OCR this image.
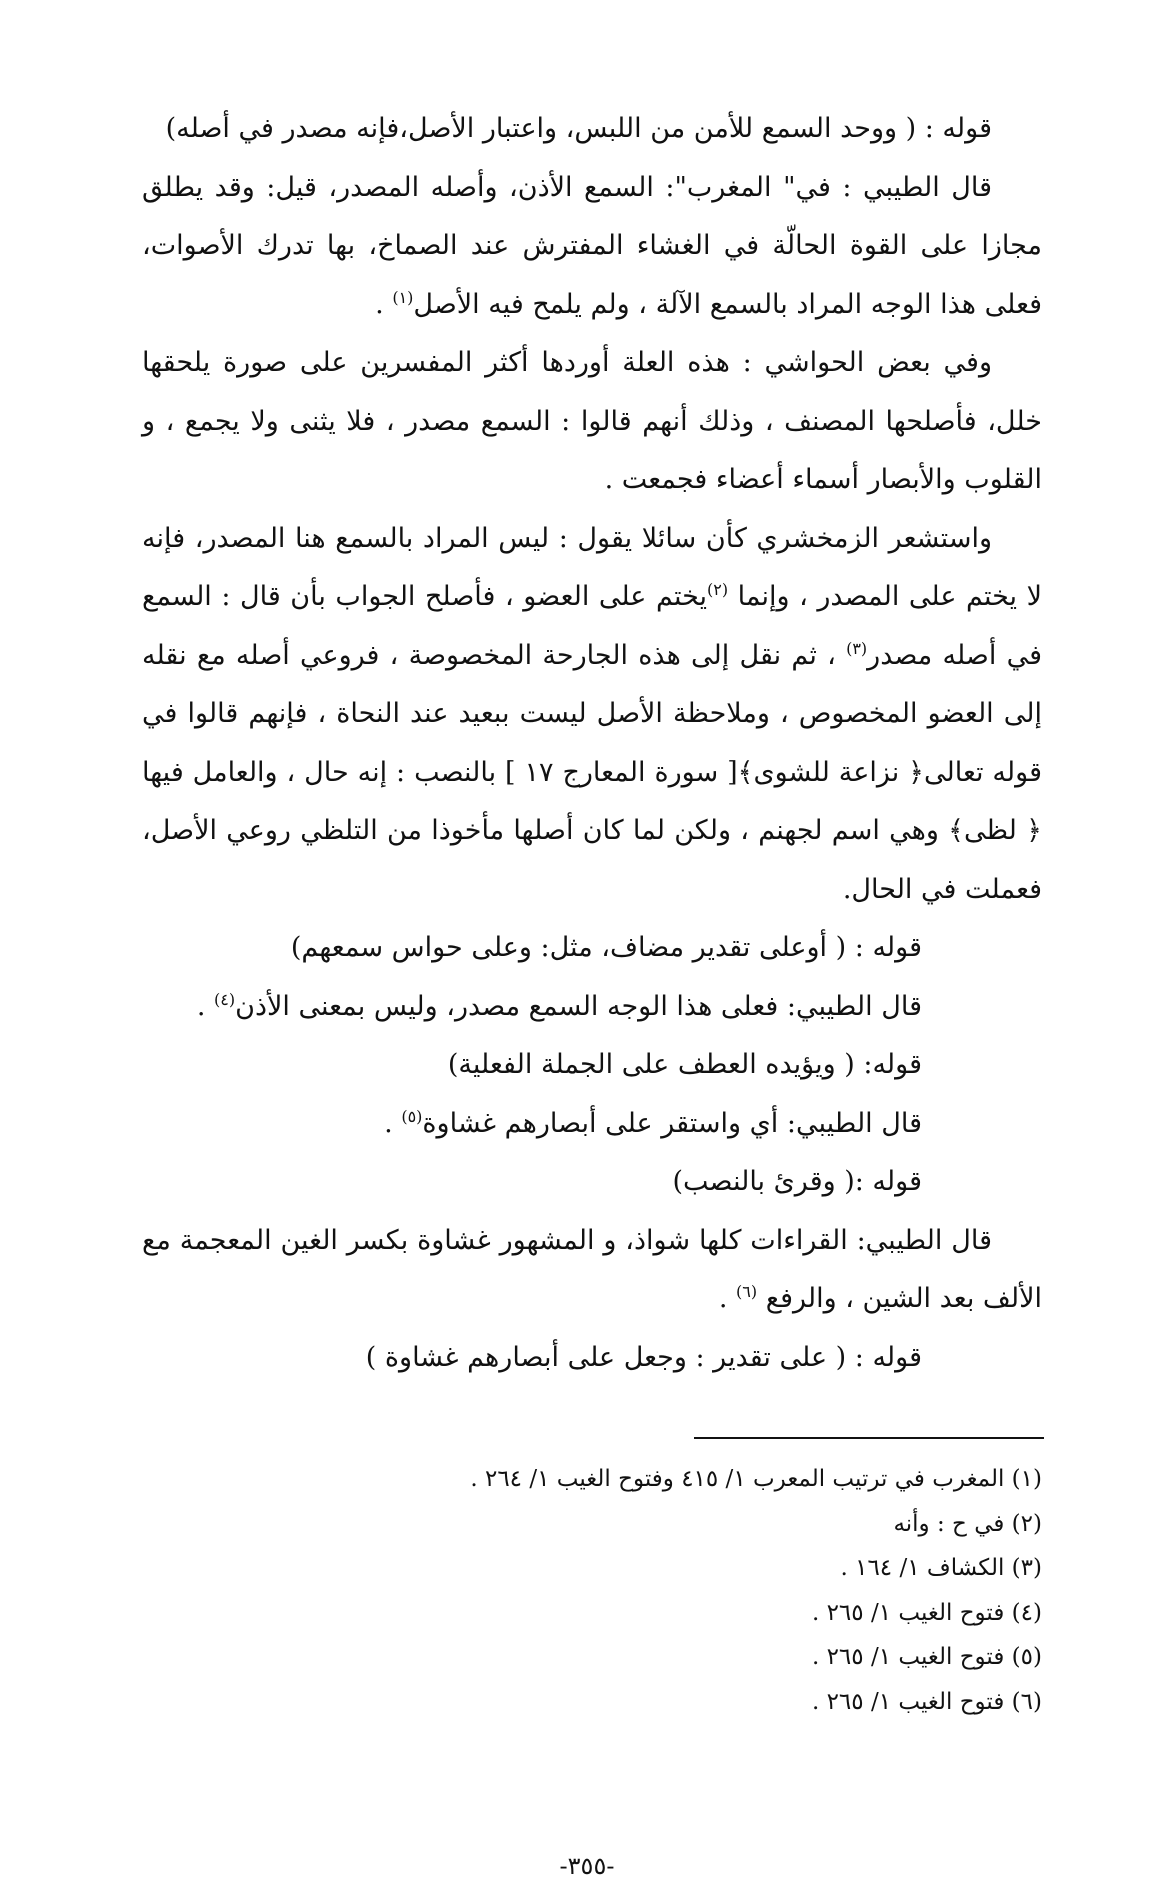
قوله : ( ووحد السمع للأمن من اللبس، واعتبار الأصل،فإنه مصدر في أصله)

قال الطيبي : في" المغرب": السمع الأذن، وأصله المصدر، قيل: وقد يطلق مجازا على القوة الحالّة في الغشاء المفترش عند الصماخ، بها تدرك الأصوات، فعلى هذا الوجه المراد بالسمع الآلة ، ولم يلمح فيه الأصل$^{(١)}$ .

وفي بعض الحواشي : هذه العلة أوردها أكثر المفسرين على صورة يلحقها خلل، فأصلحها المصنف ، وذلك أنهم قالوا : السمع مصدر ، فلا يثنى ولا يجمع ، و القلوب والأبصار أسماء أعضاء فجمعت .

واستشعر الزمخشري كأن سائلا يقول : ليس المراد بالسمع هنا المصدر، فإنه لا يختم على المصدر ، وإنما $^{(٢)}$يختم على العضو ، فأصلح الجواب بأن قال : السمع في أصله مصدر$^{(٣)}$ ، ثم نقل إلى هذه الجارحة المخصوصة ، فروعي أصله مع نقله إلى العضو المخصوص ، وملاحظة الأصل ليست ببعيد عند النحاة ، فإنهم قالوا في قوله تعالى﴿ نزاعة للشوى﴾[ سورة المعارج ١٧ ] بالنصب : إنه حال ، والعامل فيها ﴿ لظى﴾ وهي اسم لجهنم ، ولكن لما كان أصلها مأخوذا من التلظي روعي الأصل، فعملت في الحال.

قوله : ( أوعلى تقدير مضاف، مثل: وعلى حواس سمعهم)

قال الطيبي: فعلى هذا الوجه السمع مصدر، وليس بمعنى الأذن$^{(٤)}$ .

قوله: ( ويؤيده العطف على الجملة الفعلية)

قال الطيبي: أي واستقر على أبصارهم غشاوة$^{(٥)}$ .

قوله :( وقرئ بالنصب)

قال الطيبي: القراءات كلها شواذ، و المشهور غشاوة بكسر الغين المعجمة مع الألف بعد الشين ، والرفع $^{(٦)}$ .

قوله : ( على تقدير : وجعل على أبصارهم غشاوة )

(١) المغرب في ترتيب المعرب ١/ ٤١٥ وفتوح الغيب ١/ ٢٦٤ .

(٢) في ح : وأنه

(٣) الكشاف ١/ ١٦٤ .

(٤) فتوح الغيب ١/ ٢٦٥ .

(٥) فتوح الغيب ١/ ٢٦٥ .

(٦) فتوح الغيب ١/ ٢٦٥ .

-٣٥٥-
